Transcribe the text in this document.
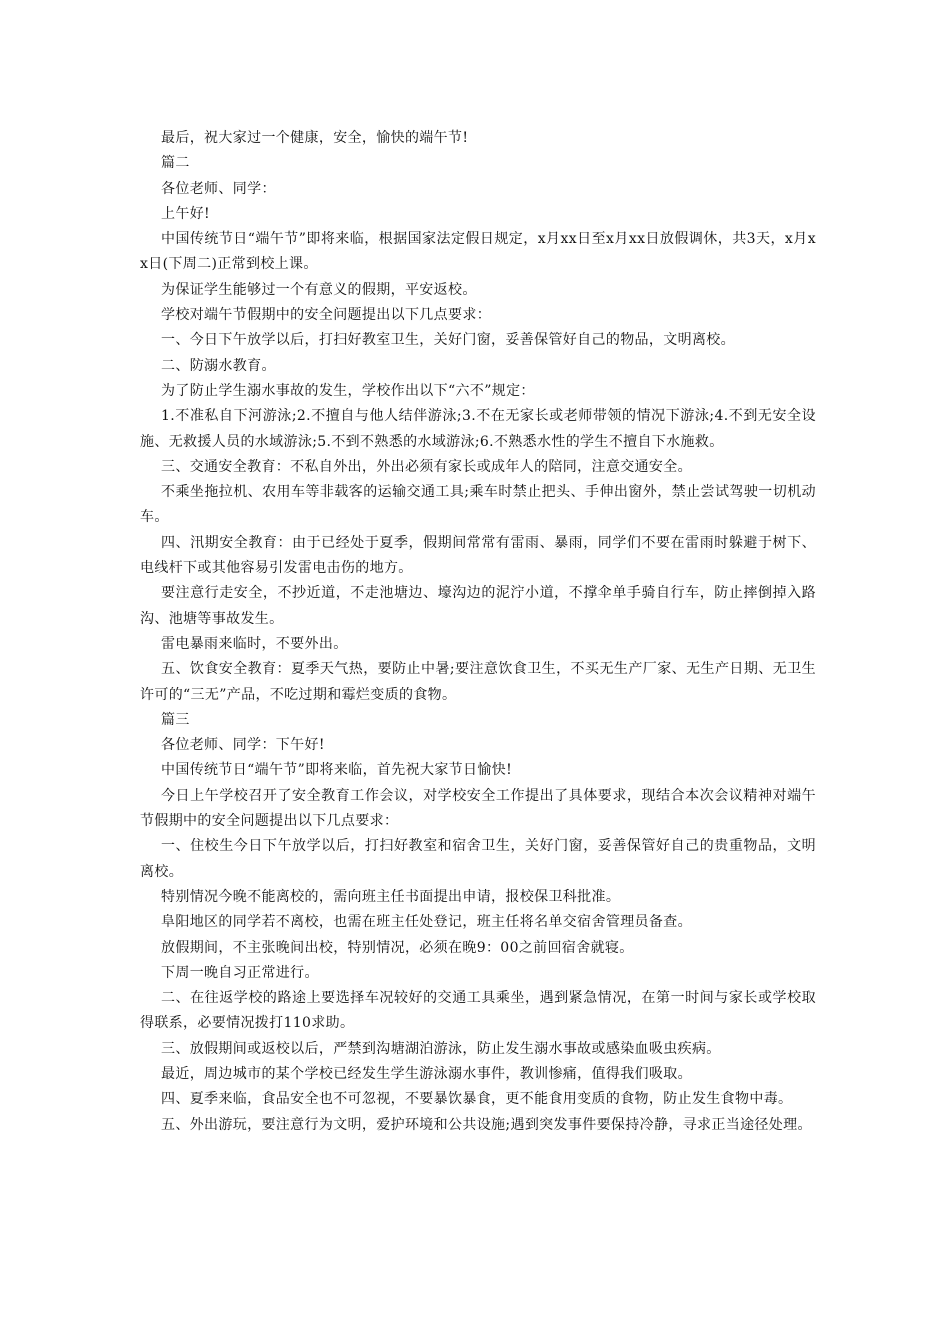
最后，祝大家过一个健康，安全，愉快的端午节!

篇二

各位老师、同学：

上午好!

中国传统节日“端午节”即将来临，根据国家法定假日规定，x月xx日至x月xx日放假调休，共3天，x月xx日(下周二)正常到校上课。

为保证学生能够过一个有意义的假期，平安返校。

学校对端午节假期中的安全问题提出以下几点要求：

一、今日下午放学以后，打扫好教室卫生，关好门窗，妥善保管好自己的物品，文明离校。

二、防溺水教育。

为了防止学生溺水事故的发生，学校作出以下“六不”规定：

1.不准私自下河游泳;2.不擅自与他人结伴游泳;3.不在无家长或老师带领的情况下游泳;4.不到无安全设施、无救援人员的水域游泳;5.不到不熟悉的水域游泳;6.不熟悉水性的学生不擅自下水施救。

三、交通安全教育：不私自外出，外出必须有家长或成年人的陪同，注意交通安全。

不乘坐拖拉机、农用车等非载客的运输交通工具;乘车时禁止把头、手伸出窗外，禁止尝试驾驶一切机动车。

四、汛期安全教育：由于已经处于夏季，假期间常常有雷雨、暴雨，同学们不要在雷雨时躲避于树下、电线杆下或其他容易引发雷电击伤的地方。

要注意行走安全，不抄近道，不走池塘边、壕沟边的泥泞小道，不撑伞单手骑自行车，防止摔倒掉入路沟、池塘等事故发生。

雷电暴雨来临时，不要外出。

五、饮食安全教育：夏季天气热，要防止中暑;要注意饮食卫生，不买无生产厂家、无生产日期、无卫生许可的“三无”产品，不吃过期和霉烂变质的食物。

篇三

各位老师、同学：下午好!

中国传统节日“端午节”即将来临，首先祝大家节日愉快!

今日上午学校召开了安全教育工作会议，对学校安全工作提出了具体要求，现结合本次会议精神对端午节假期中的安全问题提出以下几点要求：

一、住校生今日下午放学以后，打扫好教室和宿舍卫生，关好门窗，妥善保管好自己的贵重物品，文明离校。

特别情况今晚不能离校的，需向班主任书面提出申请，报校保卫科批准。

阜阳地区的同学若不离校，也需在班主任处登记，班主任将名单交宿舍管理员备查。

放假期间，不主张晚间出校，特别情况，必须在晚9：00之前回宿舍就寝。

下周一晚自习正常进行。

二、在往返学校的路途上要选择车况较好的交通工具乘坐，遇到紧急情况，在第一时间与家长或学校取得联系，必要情况拨打110求助。

三、放假期间或返校以后，严禁到沟塘湖泊游泳，防止发生溺水事故或感染血吸虫疾病。

最近，周边城市的某个学校已经发生学生游泳溺水事件，教训惨痛，值得我们吸取。

四、夏季来临，食品安全也不可忽视，不要暴饮暴食，更不能食用变质的食物，防止发生食物中毒。

五、外出游玩，要注意行为文明，爱护环境和公共设施;遇到突发事件要保持冷静，寻求正当途径处理。
